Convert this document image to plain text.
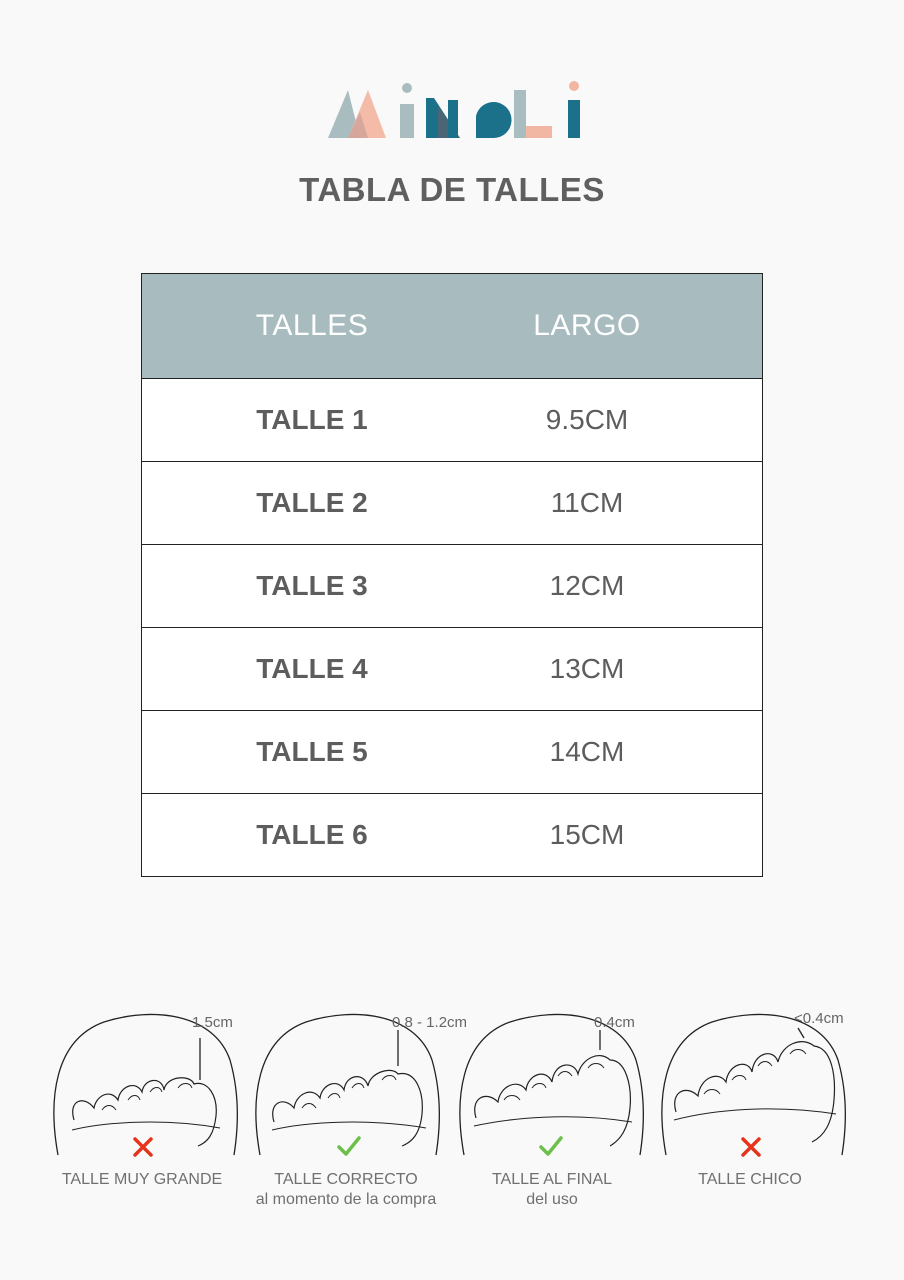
TABLA DE TALLES
TALLES	LARGO
TALLE 1	9.5CM
TALLE 2	11CM
TALLE 3	12CM
TALLE 4	13CM
TALLE 5	14CM
TALLE 6	15CM
1.5cm
TALLE MUY GRANDE
0.8 - 1.2cm
TALLE CORRECTO
al momento de la compra
0.4cm
TALLE AL FINAL
del uso
<0.4cm
TALLE CHICO
